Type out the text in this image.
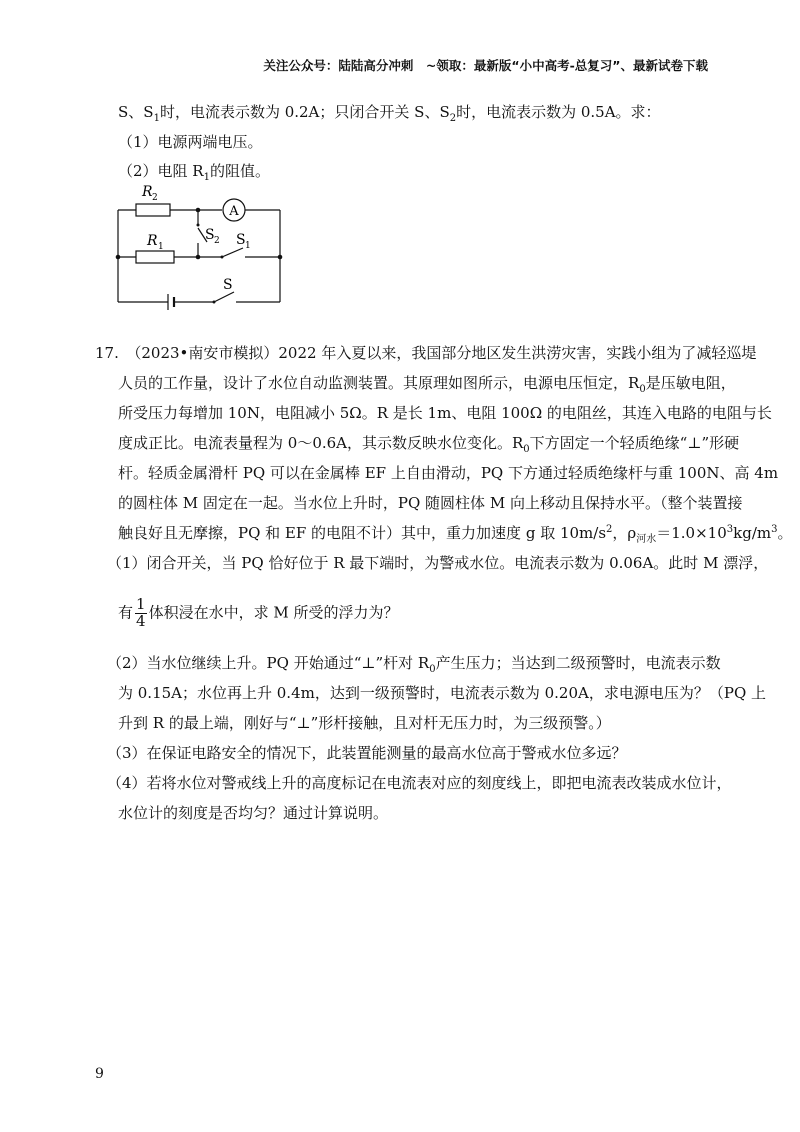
关注公众号：陆陆高分冲刺　~领取：最新版“小中高考-总复习”、最新试卷下载
S、$S_1$时，电流表示数为 0.2A；只闭合开关 S、$S_2$时，电流表示数为 0.5A。求：
（1）电源两端电压。
（2）电阻 $R_1$的阻值。
A
R 2
R 1
S 2 S 1
S
17.　（2023•南安市模拟）2022 年入夏以来，我国部分地区发生洪涝灾害，实践小组为了减轻巡堤
人员的工作量，设计了水位自动监测装置。其原理如图所示，电源电压恒定，$R_0$是压敏电阻，
所受压力每增加 10N，电阻减小 5Ω。R 是长 1m、电阻 100Ω 的电阻丝，其连入电路的电阻与长
度成正比。电流表量程为 0～0.6A，其示数反映水位变化。$R_0$下方固定一个轻质绝缘“⊥”形硬
杆。轻质金属滑杆 PQ 可以在金属棒 EF 上自由滑动，PQ 下方通过轻质绝缘杆与重 100N、高 4m
的圆柱体 M 固定在一起。当水位上升时，PQ 随圆柱体 M 向上移动且保持水平。（整个装置接
触良好且无摩擦，PQ 和 EF 的电阻不计）其中，重力加速度 g 取 $10m/s^2$，$\rho_{河水}=1.0\times 10^3kg/m^3$。
（1）闭合开关，当 PQ 恰好位于 R 最下端时，为警戒水位。电流表示数为 0.06A。此时 M 漂浮，
有 $\frac{1}{4}$ 体积浸在水中，求 M 所受的浮力为？
（2）当水位继续上升。PQ 开始通过“⊥”杆对 $R_0$产生压力；当达到二级预警时，电流表示数
为 0.15A；水位再上升 0.4m，达到一级预警时，电流表示数为 0.20A，求电源电压为？（PQ 上
升到 R 的最上端，刚好与“⊥”形杆接触，且对杆无压力时，为三级预警。）
（3）在保证电路安全的情况下，此装置能测量的最高水位高于警戒水位多远？
（4）若将水位对警戒线上升的高度标记在电流表对应的刻度线上，即把电流表改装成水位计，
水位计的刻度是否均匀？通过计算说明。
9
